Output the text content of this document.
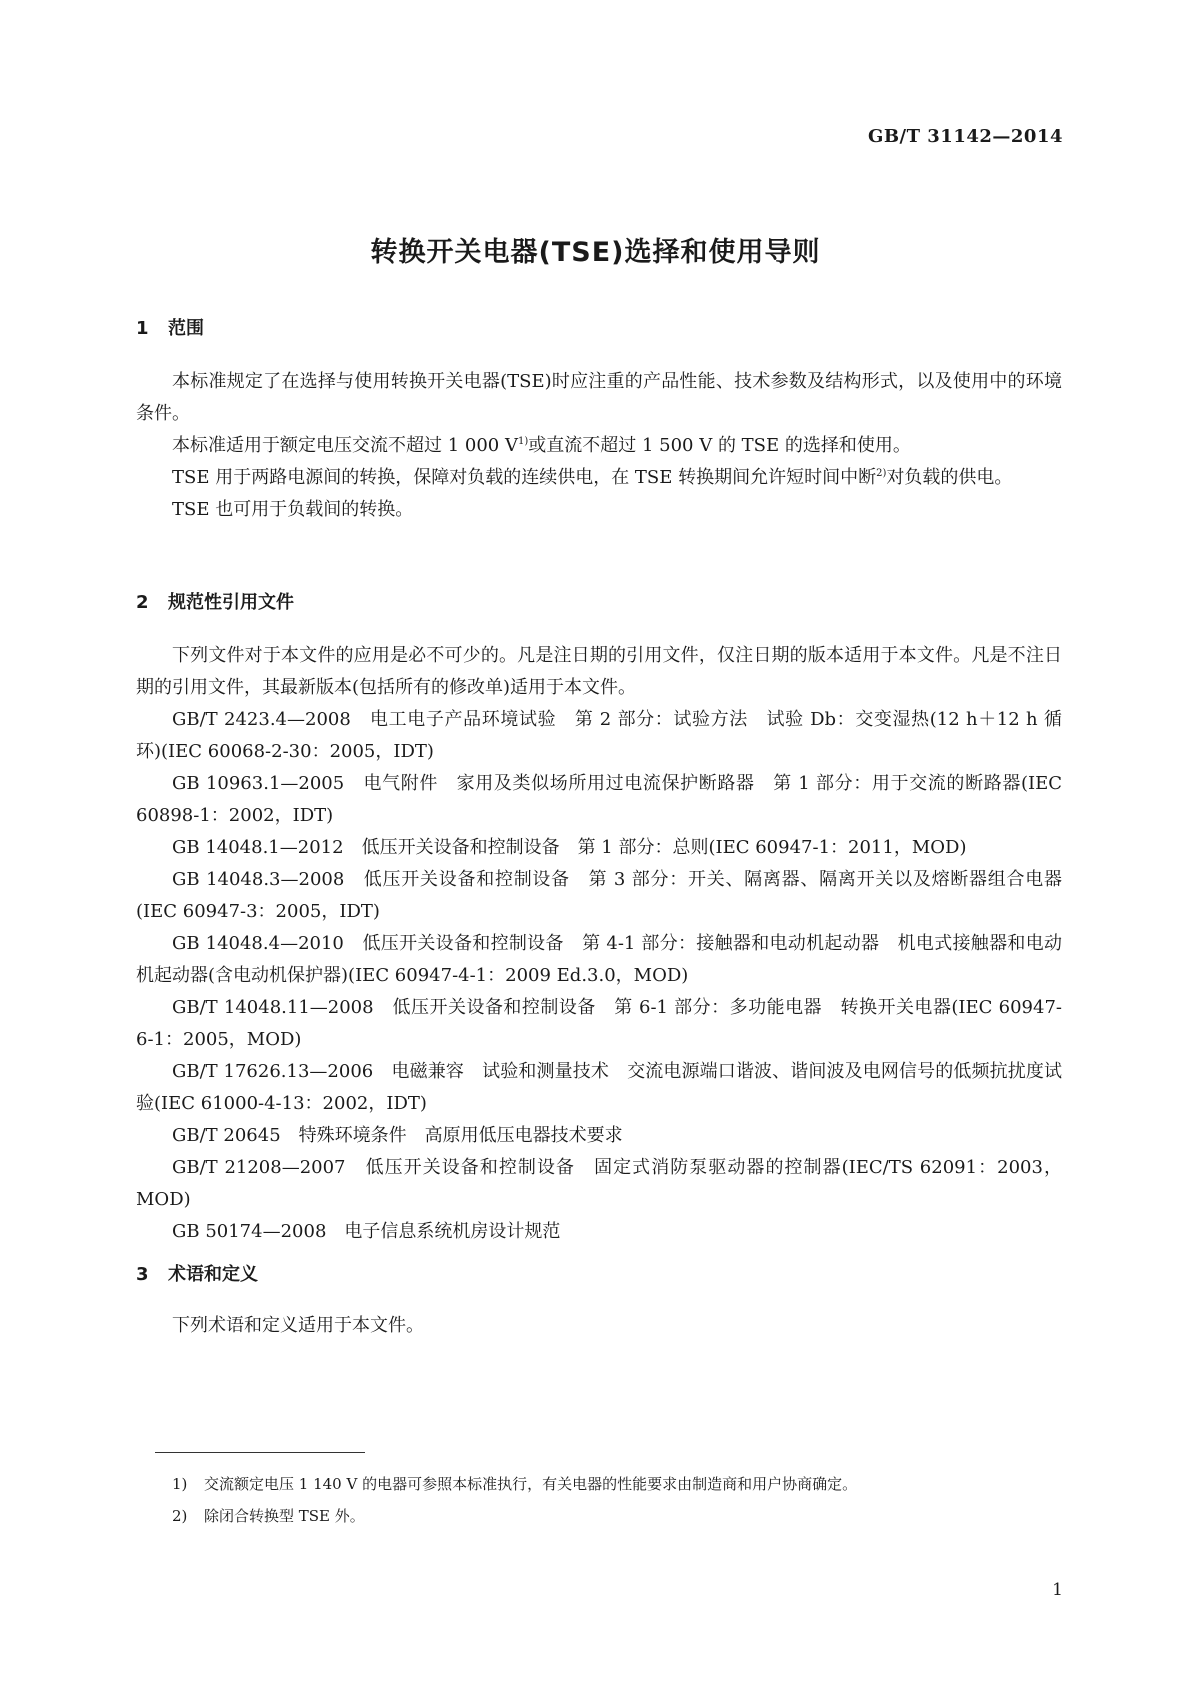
GB/T 31142—2014
转换开关电器(TSE)选择和使用导则
1 范围

本标准规定了在选择与使用转换开关电器(TSE)时应注重的产品性能、技术参数及结构形式，以及使用中的环境条件。

本标准适用于额定电压交流不超过 1 000 $V^{1)}$或直流不超过 1 500 V 的 TSE 的选择和使用。

TSE 用于两路电源间的转换，保障对负载的连续供电，在 TSE 转换期间允许短时间中断$^{2)}$对负载的供电。

TSE 也可用于负载间的转换。

2 规范性引用文件

下列文件对于本文件的应用是必不可少的。凡是注日期的引用文件，仅注日期的版本适用于本文件。凡是不注日期的引用文件，其最新版本(包括所有的修改单)适用于本文件。

GB/T 2423.4—2008　电工电子产品环境试验　第 2 部分：试验方法　试验 Db：交变湿热(12 h＋12 h 循环)(IEC 60068-2-30：2005，IDT)

GB 10963.1—2005　电气附件　家用及类似场所用过电流保护断路器　第 1 部分：用于交流的断路器(IEC 60898-1：2002，IDT)

GB 14048.1—2012　低压开关设备和控制设备　第 1 部分：总则(IEC 60947-1：2011，MOD)

GB 14048.3—2008　低压开关设备和控制设备　第 3 部分：开关、隔离器、隔离开关以及熔断器组合电器(IEC 60947-3：2005，IDT)

GB 14048.4—2010　低压开关设备和控制设备　第 4-1 部分：接触器和电动机起动器　机电式接触器和电动机起动器(含电动机保护器)(IEC 60947-4-1：2009 Ed.3.0，MOD)

GB/T 14048.11—2008　低压开关设备和控制设备　第 6-1 部分：多功能电器　转换开关电器(IEC 60947-6-1：2005，MOD)

GB/T 17626.13—2006　电磁兼容　试验和测量技术　交流电源端口谐波、谐间波及电网信号的低频抗扰度试验(IEC 61000-4-13：2002，IDT)

GB/T 20645　特殊环境条件　高原用低压电器技术要求

GB/T 21208—2007　低压开关设备和控制设备　固定式消防泵驱动器的控制器(IEC/TS 62091：2003，MOD)

GB 50174—2008　电子信息系统机房设计规范

3 术语和定义

下列术语和定义适用于本文件。

1)	交流额定电压 1 140 V 的电器可参照本标准执行，有关电器的性能要求由制造商和用户协商确定。
2)	除闭合转换型 TSE 外。
1
